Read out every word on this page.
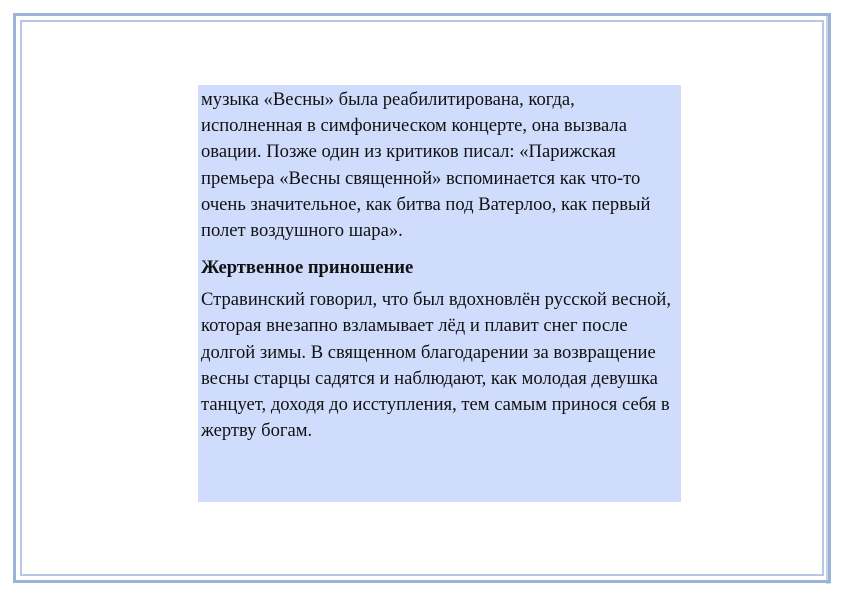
музыка «Весны» была реабилитирована, когда, исполненная в симфоническом концерте, она вызвала овации. Позже один из критиков писал: «Парижская премьера «Весны священной» вспоминается как что-то очень значительное, как битва под Ватерлоо, как первый полет воздушного шара».

Жертвенное приношение

Стравинский говорил, что был вдохновлён русской весной, которая внезапно взламывает лёд и плавит снег после долгой зимы. В священном благодарении за возвращение весны старцы садятся и наблюдают, как молодая девушка танцует, доходя до исступления, тем самым принося себя в жертву богам.
